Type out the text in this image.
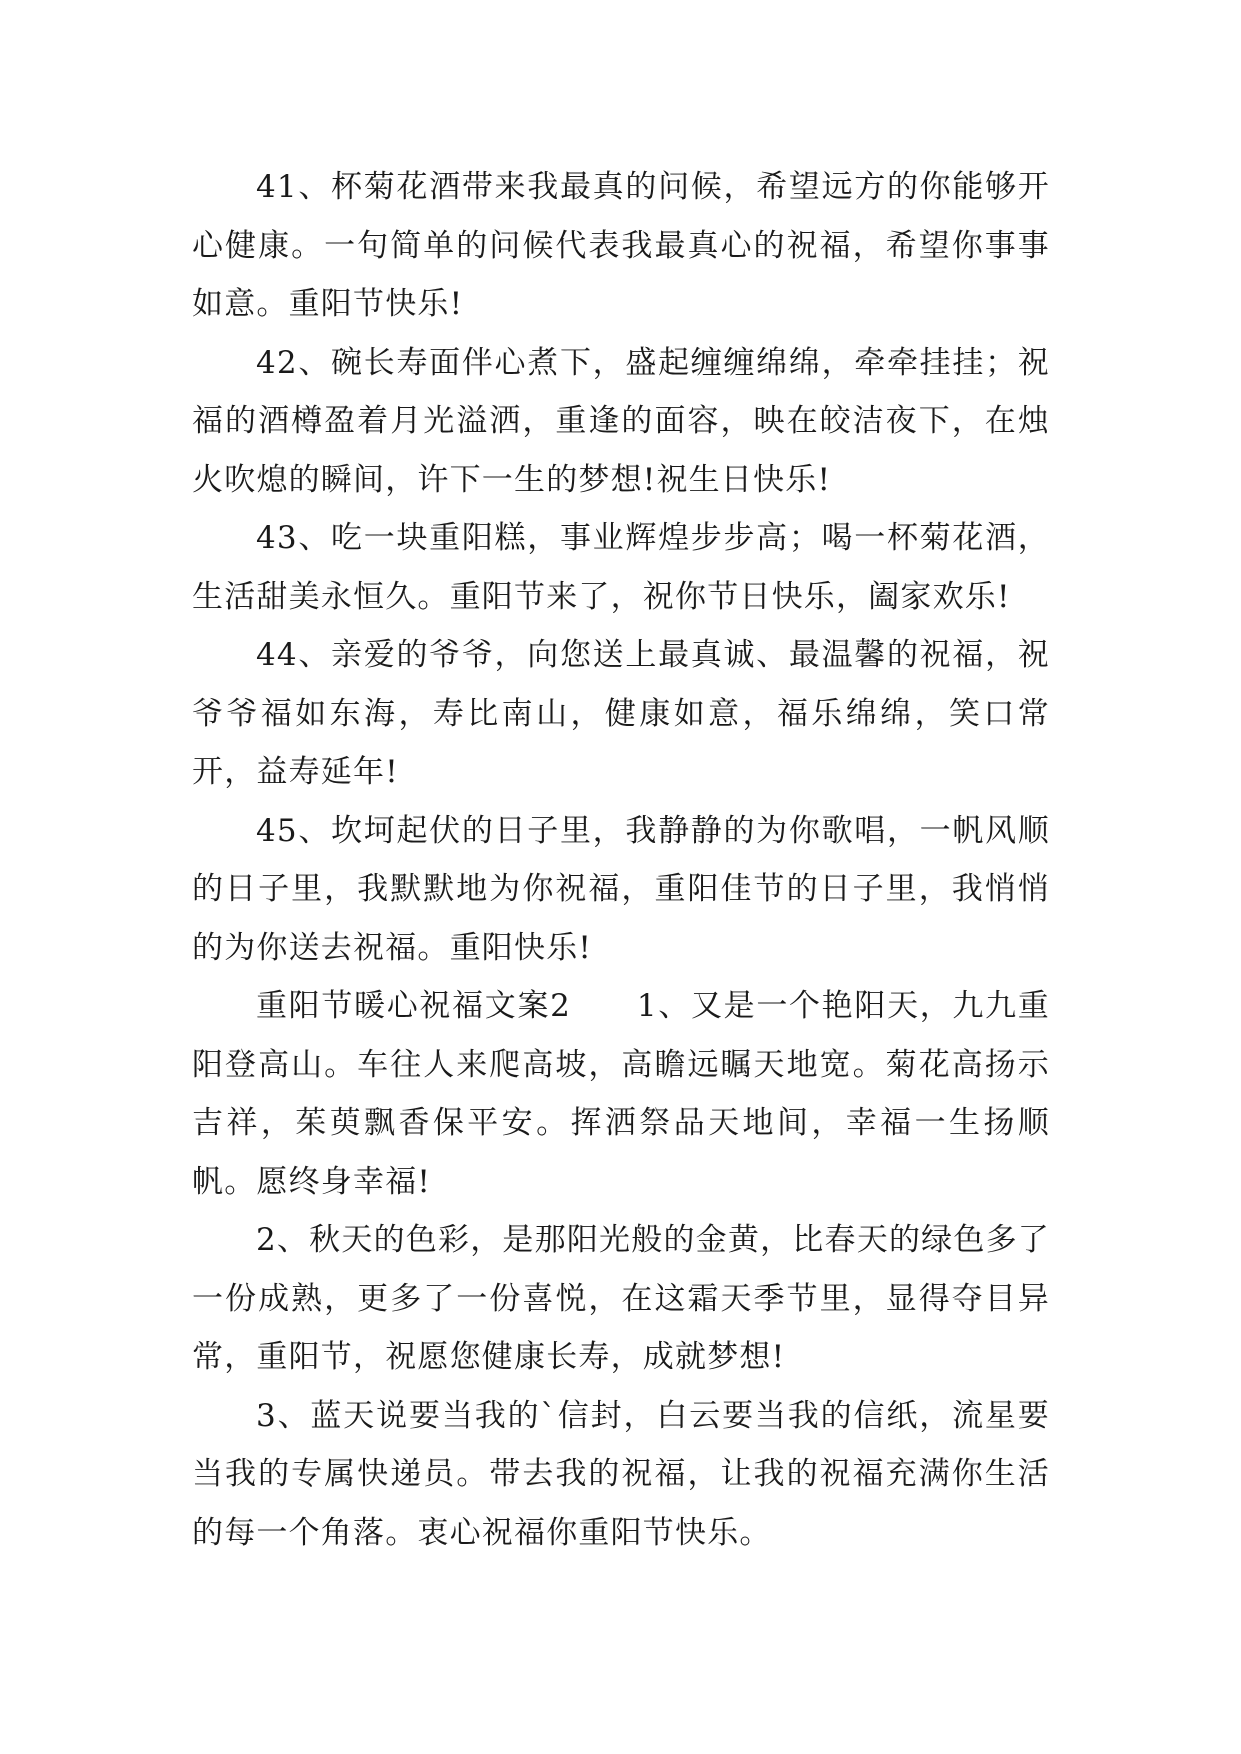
41、杯菊花酒带来我最真的问候，希望远方的你能够开心健康。一句简单的问候代表我最真心的祝福，希望你事事如意。重阳节快乐!

42、碗长寿面伴心煮下，盛起缠缠绵绵，牵牵挂挂；祝福的酒樽盈着月光溢洒，重逢的面容，映在皎洁夜下，在烛火吹熄的瞬间，许下一生的梦想!祝生日快乐!

43、吃一块重阳糕，事业辉煌步步高；喝一杯菊花酒，生活甜美永恒久。重阳节来了，祝你节日快乐，阖家欢乐!

44、亲爱的爷爷，向您送上最真诚、最温馨的祝福，祝爷爷福如东海，寿比南山，健康如意，福乐绵绵，笑口常开，益寿延年!

45、坎坷起伏的日子里，我静静的为你歌唱，一帆风顺的日子里，我默默地为你祝福，重阳佳节的日子里，我悄悄的为你送去祝福。重阳快乐!

重阳节暖心祝福文案2　　1、又是一个艳阳天，九九重阳登高山。车往人来爬高坡，高瞻远瞩天地宽。菊花高扬示吉祥，茱萸飘香保平安。挥洒祭品天地间，幸福一生扬顺帆。愿终身幸福!

2、秋天的色彩，是那阳光般的金黄，比春天的绿色多了一份成熟，更多了一份喜悦，在这霜天季节里，显得夺目异常，重阳节，祝愿您健康长寿，成就梦想!

3、蓝天说要当我的`信封，白云要当我的信纸，流星要当我的专属快递员。带去我的祝福，让我的祝福充满你生活的每一个角落。衷心祝福你重阳节快乐。
